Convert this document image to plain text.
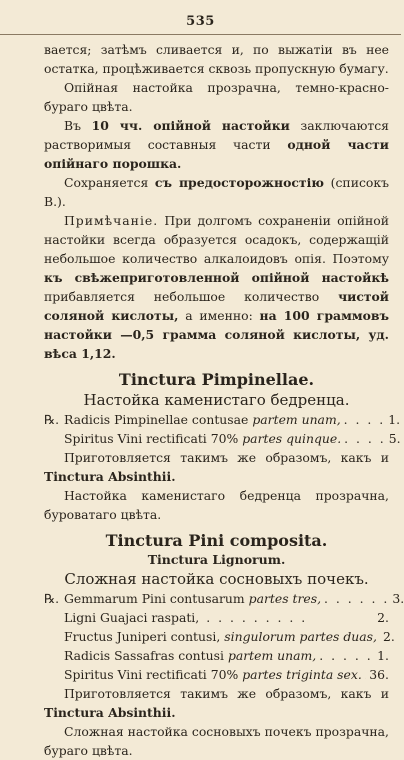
535

вается; затѣмъ сливается и, по выжатіи въ нее остатка, процѣживается сквозь пропускную бумагу.

Опійная настойка прозрачна, темно-красно-бураго цвѣта.

Въ 10 чч. опійной настойки заключаются растворимыя составныя части одной части опійнаго порошка.

Сохраняется съ предосторожностію (списокъ В.).

Примѣчаніе. При долгомъ сохраненіи опійной настойки всегда образуется осадокъ, содержащій небольшое количество алкалоидовъ опія. Поэтому къ свѣжеприготовленной опійной настойкѣ прибавляется небольшое количество чистой соляной кислоты, а именно: на 100 граммовъ настойки —0,5 грамма соляной кислоты, уд. вѣса 1,12.

Tinctura Pimpinellae.

Настойка каменистаго бедренца.

℞. Radicis Pimpinellae contusae partem unam, . . . . 1.
Spiritus Vini rectificati 70% partes quinque. . . . . 5.

Приготовляется такимъ же образомъ, какъ и Tinctura Absinthii.

Настойка каменистаго бедренца прозрачна, буроватаго цвѣта.

Tinctura Pini composita.

Tinctura Lignorum.

Сложная настойка сосновыхъ почекъ.

℞. Gemmarum Pini contusarum partes tres, . . . . . . 3.
Ligni Guajaci raspati, . . . . . . . . .	2.
Fructus Juniperi contusi, singulorum partes duas, 2.
Radicis Sassafras contusi partem unam, . . . . . 1.
Spiritus Vini rectificati 70% partes triginta sex. 36.

Приготовляется такимъ же образомъ, какъ и Tinctura Absinthii.

Сложная настойка сосновыхъ почекъ прозрачна, бураго цвѣта.
